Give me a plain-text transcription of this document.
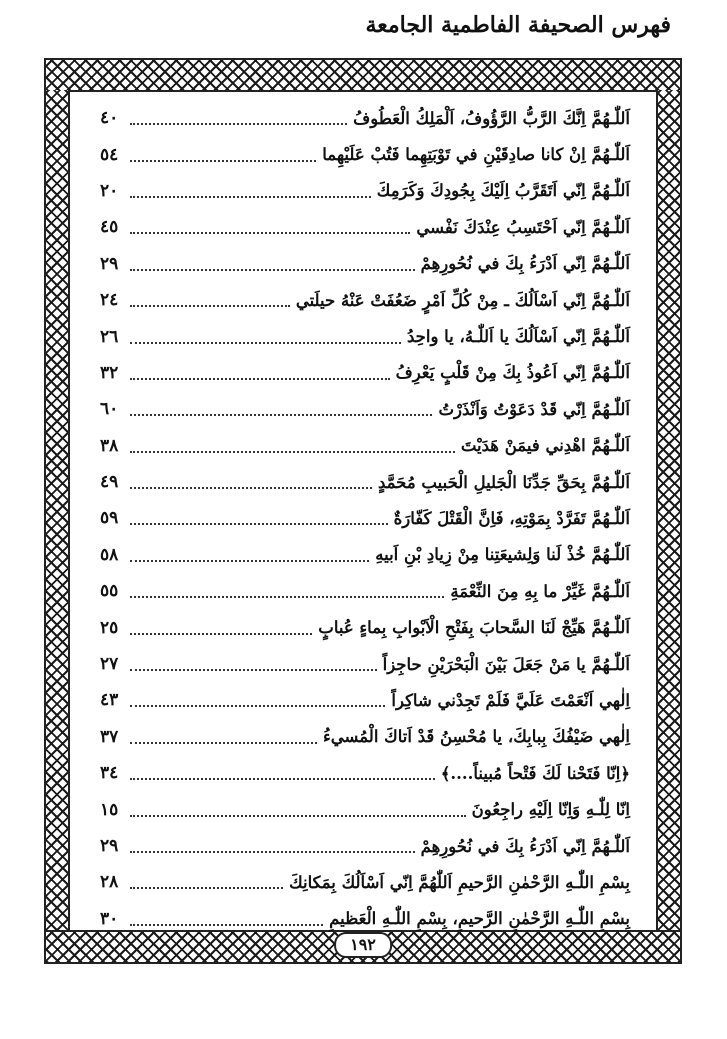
فهرس الصحيفة الفاطمية الجامعة
١٩٢
اَللّٰـهُمَّ اِنَّكَ الرَّبُّ الرَّؤُوفُ، اَلْمَلِكُ الْعَطُوفُ
٤٠
اَللّٰـهُمَّ اِنْ كانا صادِقَيْنِ في تَوْبَتِهِما فَتُبْ عَلَيْهِما
٥٤
اَللّٰـهُمَّ اِنّي اَتَقَرَّبُ اِلَيْكَ بِجُودِكَ وَكَرَمِكَ
٢٠
اَللّٰـهُمَّ اِنّي اَحْتَسِبُ عِنْدَكَ نَفْسي
٤٥
اَللّٰـهُمَّ اِنّي اَدْرَءُ بِكَ في نُحُورِهِمْ
٢٩
اَللّٰـهُمَّ اِنّي اَسْاَلُكَ ـ مِنْ كُلِّ اَمْرٍ ضَعُفَتْ عَنْهُ حيلَتي
٢٤
اَللّٰـهُمَّ اِنّي اَسْاَلُكَ يا اَللّٰـهُ، يا واحِدُ
٢٦
اَللّٰـهُمَّ اِنّي اَعُوذُ بِكَ مِنْ قَلْبٍ يَعْرِفُ
٣٢
اَللّٰـهُمَّ اِنّي قَدْ دَعَوْتُ وَاَنْذَرْتُ
٦٠
اَللّٰـهُمَّ اهْدِني فيمَنْ هَدَيْتَ
٣٨
اَللّٰـهُمَّ بِحَقِّ جَدِّنَا الْجَليلِ الْحَبيبِ مُحَمَّدٍ
٤٩
اَللّٰـهُمَّ تَفَرَّدْ بِمَوْتِهِ، فَاِنَّ الْقَتْلَ كَفّارَةٌ
٥٩
اَللّٰـهُمَّ خُذْ لَنا وَلِشيعَتِنا مِنْ زِيادِ بْنِ اَبيهِ
٥٨
اَللّٰـهُمَّ غَيِّرْ ما بِهِ مِنَ النِّعْمَةِ
٥٥
اَللّٰـهُمَّ هَيِّجْ لَنَا السَّحابَ بِفَتْحِ الْاَبْوابِ بِماءٍ عُبابٍ
٢٥
اَللّٰـهُمَّ يا مَنْ جَعَلَ بَيْنَ الْبَحْرَيْنِ حاجِزاً
٢٧
اِلٰهي اَنْعَمْتَ عَلَيَّ فَلَمْ تَجِدْني شاكِراً
٤٣
اِلٰهي ضَيْفُكَ بِبابِكَ، يا مُحْسِنُ قَدْ اَتاكَ الْمُسيءُ
٣٧
﴿اِنّا فَتَحْنا لَكَ فَتْحاً مُبيناً....﴾
٣٤
اِنّا لِلّٰـهِ وَاِنّا اِلَيْهِ راجِعُونَ
١٥
اَللّٰـهُمَّ اِنّي اَدْرَءُ بِكَ في نُحُورِهِمْ
٢٩
بِسْمِ اللّٰـهِ الرَّحْمٰنِ الرَّحيمِ اَللّٰهُمَّ اِنّي اَسْاَلُكَ بِمَكانِكَ
٢٨
بِسْمِ اللّٰـهِ الرَّحْمٰنِ الرَّحيمِ، بِسْمِ اللّٰـهِ الْعَظيمِ
٣٠
